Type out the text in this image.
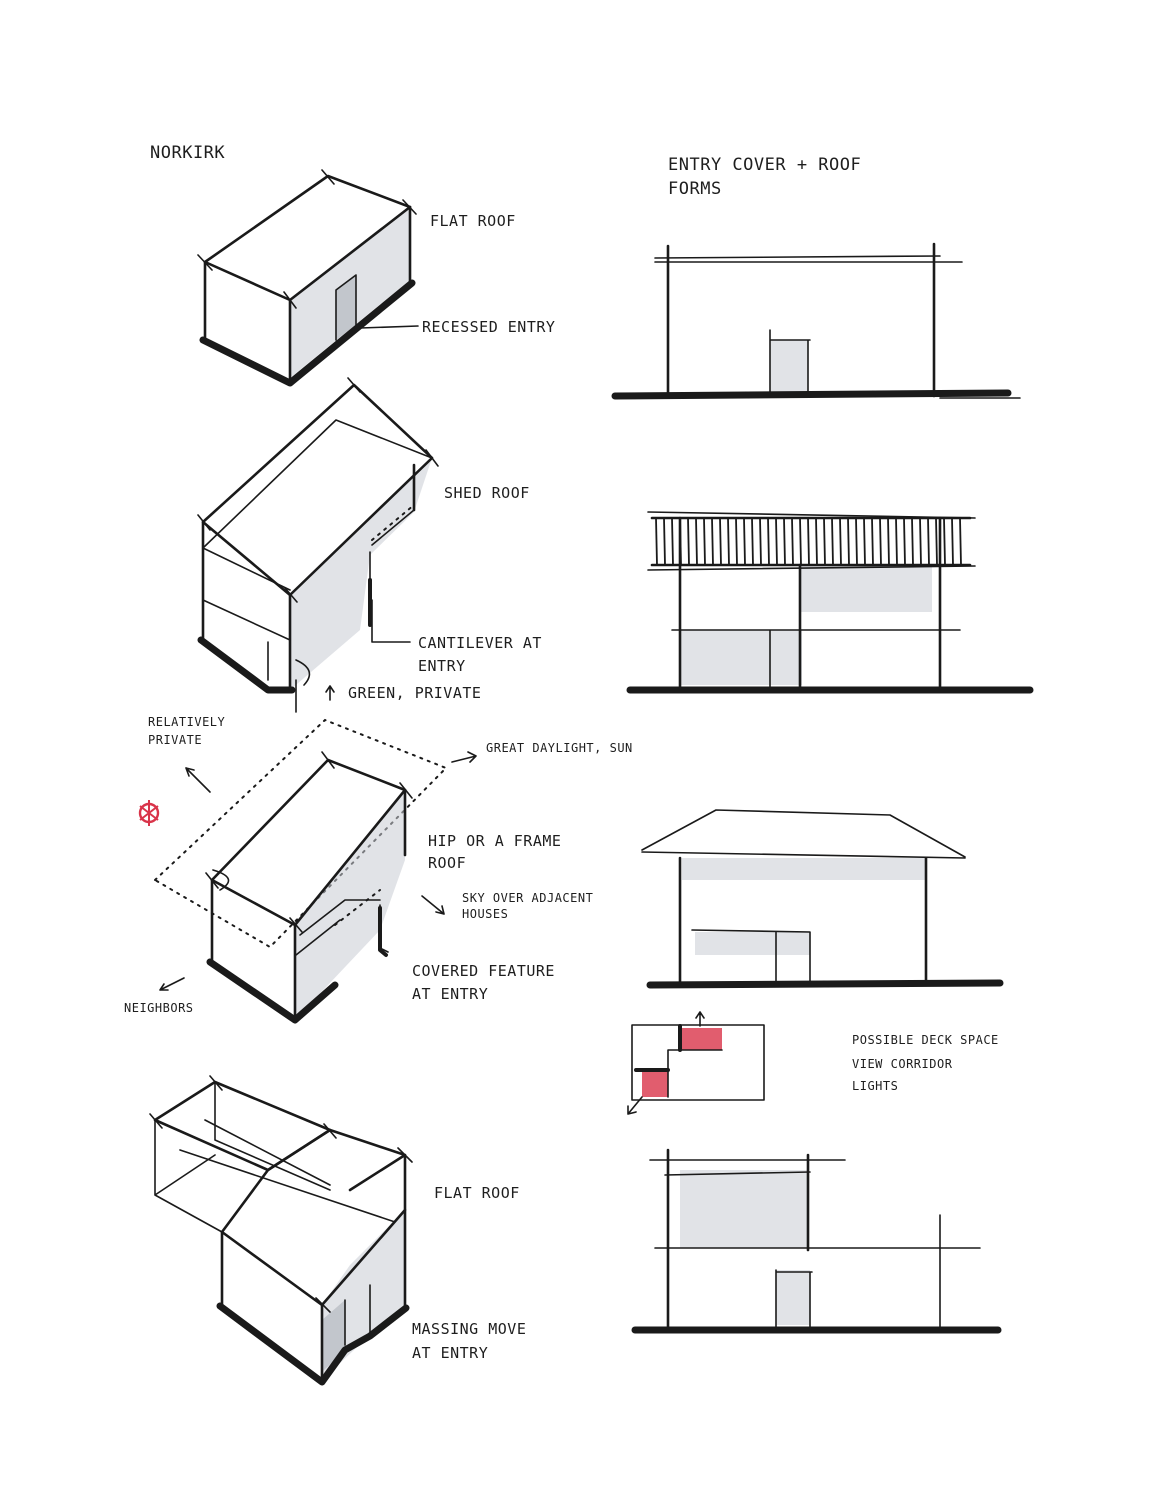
NORKIRK
ENTRY COVER + ROOF
FORMS
FLAT ROOF
RECESSED ENTRY
SHED ROOF
CANTILEVER AT
ENTRY
GREEN, PRIVATE
RELATIVELY
PRIVATE
GREAT DAYLIGHT, SUN
HIP OR A FRAME
ROOF
SKY OVER ADJACENT
HOUSES
COVERED FEATURE
AT ENTRY
NEIGHBORS
FLAT ROOF
MASSING MOVE
AT ENTRY
POSSIBLE DECK SPACE
VIEW CORRIDOR
LIGHTS
